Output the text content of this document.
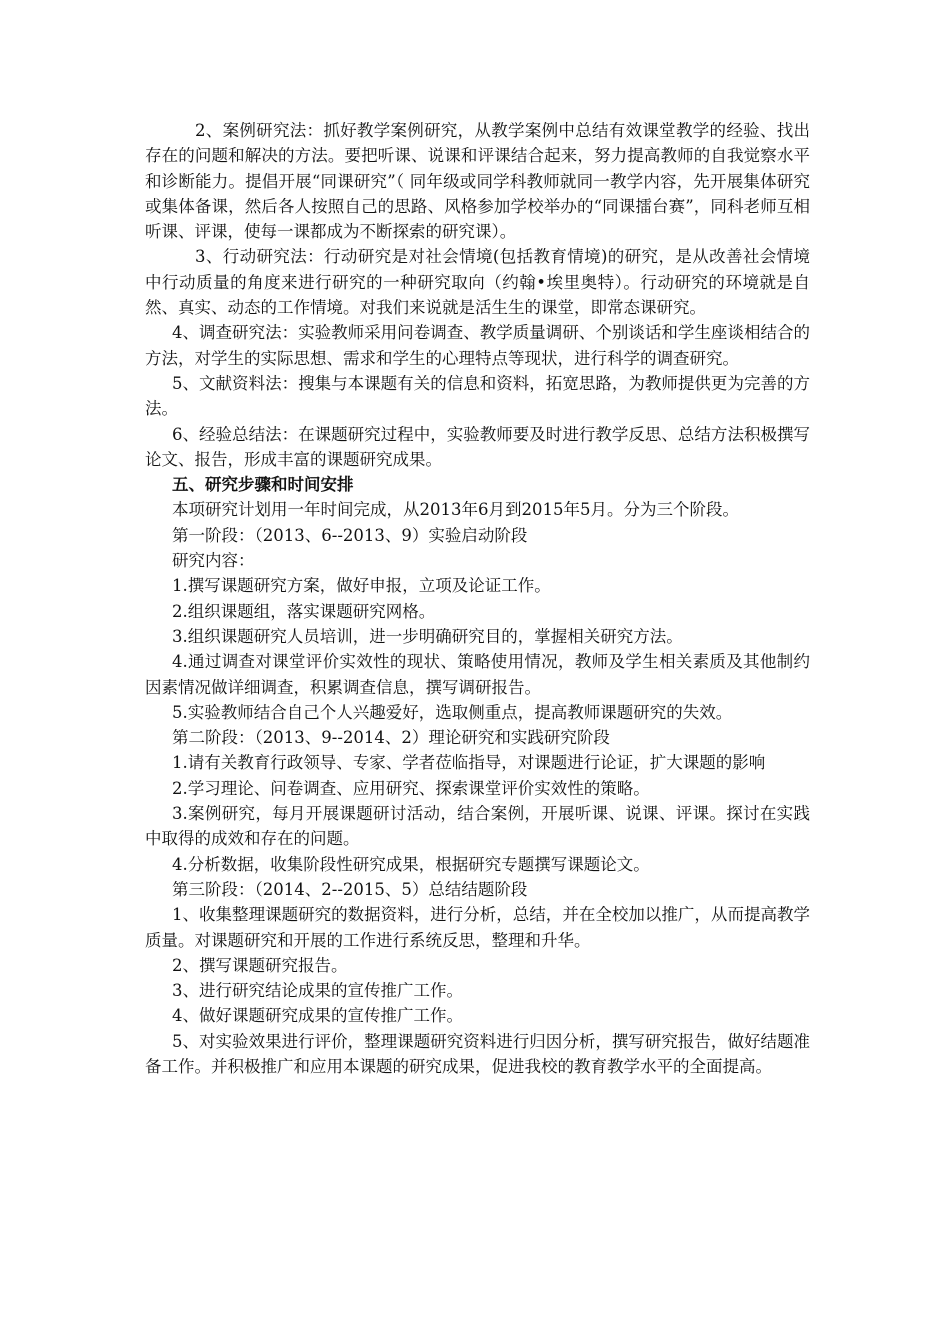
2、案例研究法：抓好教学案例研究，从教学案例中总结有效课堂教学的经验、找出存在的问题和解决的方法。要把听课、说课和评课结合起来，努力提高教师的自我觉察水平和诊断能力。提倡开展“同课研究”（ 同年级或同学科教师就同一教学内容，先开展集体研究或集体备课，然后各人按照自己的思路、风格参加学校举办的“同课擂台赛”，同科老师互相听课、评课，使每一课都成为不断探索的研究课）。

3、行动研究法：行动研究是对社会情境(包括教育情境)的研究，是从改善社会情境中行动质量的角度来进行研究的一种研究取向（约翰•埃里奥特）。行动研究的环境就是自然、真实、动态的工作情境。对我们来说就是活生生的课堂，即常态课研究。

4、调查研究法：实验教师采用问卷调查、教学质量调研、个别谈话和学生座谈相结合的方法，对学生的实际思想、需求和学生的心理特点等现状，进行科学的调查研究。

5、文献资料法：搜集与本课题有关的信息和资料，拓宽思路，为教师提供更为完善的方法。

6、经验总结法：在课题研究过程中，实验教师要及时进行教学反思、总结方法积极撰写论文、报告，形成丰富的课题研究成果。

五、研究步骤和时间安排

本项研究计划用一年时间完成，从2013年6月到2015年5月。分为三个阶段。

第一阶段：（2013、6--2013、9）实验启动阶段

研究内容：

1.撰写课题研究方案，做好申报，立项及论证工作。

2.组织课题组，落实课题研究网格。

3.组织课题研究人员培训，进一步明确研究目的，掌握相关研究方法。

4.通过调查对课堂评价实效性的现状、策略使用情况，教师及学生相关素质及其他制约因素情况做详细调查，积累调查信息，撰写调研报告。

5.实验教师结合自己个人兴趣爱好，选取侧重点，提高教师课题研究的失效。

第二阶段：（2013、9--2014、2）理论研究和实践研究阶段

1.请有关教育行政领导、专家、学者莅临指导，对课题进行论证，扩大课题的影响

2.学习理论、问卷调查、应用研究、探索课堂评价实效性的策略。

3.案例研究，每月开展课题研讨活动，结合案例，开展听课、说课、评课。探讨在实践中取得的成效和存在的问题。

4.分析数据，收集阶段性研究成果，根据研究专题撰写课题论文。

第三阶段：（2014、2--2015、5）总结结题阶段

1、收集整理课题研究的数据资料，进行分析，总结，并在全校加以推广，从而提高教学质量。对课题研究和开展的工作进行系统反思，整理和升华。

2、撰写课题研究报告。

3、进行研究结论成果的宣传推广工作。

4、做好课题研究成果的宣传推广工作。

5、对实验效果进行评价，整理课题研究资料进行归因分析，撰写研究报告，做好结题准备工作。并积极推广和应用本课题的研究成果，促进我校的教育教学水平的全面提高。
